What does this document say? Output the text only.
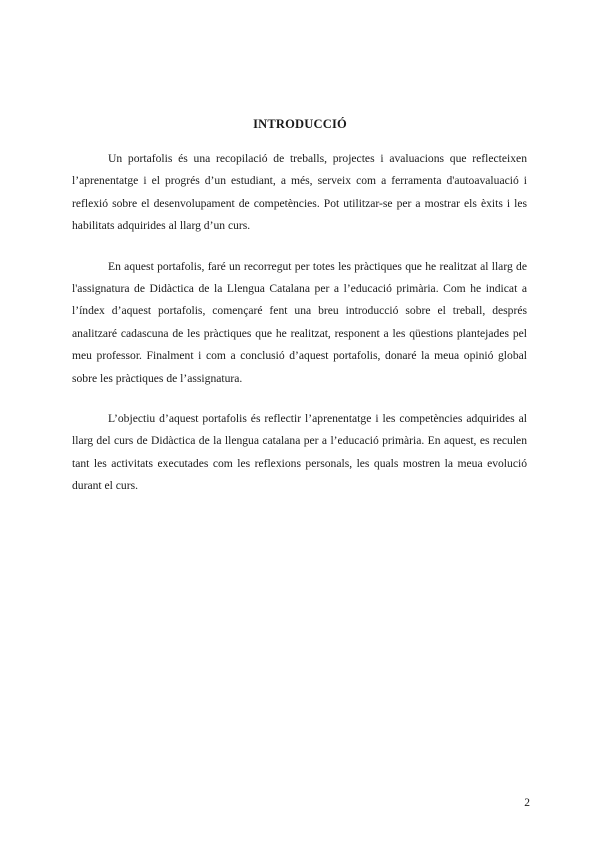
INTRODUCCIÓ

Un portafolis és una recopilació de treballs, projectes i avaluacions que reflecteixen l’aprenentatge i el progrés d’un estudiant, a més, serveix com a ferramenta d'autoavaluació i reflexió sobre el desenvolupament de competències. Pot utilitzar-se per a mostrar els èxits i les habilitats adquirides al llarg d’un curs.

En aquest portafolis, faré un recorregut per totes les pràctiques que he realitzat al llarg de l'assignatura de Didàctica de la Llengua Catalana per a l’educació primària. Com he indicat a l’índex d’aquest portafolis, començaré fent una breu introducció sobre el treball, després analitzaré cadascuna de les pràctiques que he realitzat, responent a les qüestions plantejades pel meu professor. Finalment i com a conclusió d’aquest portafolis, donaré la meua opinió global sobre les pràctiques de l’assignatura.

L’objectiu d’aquest portafolis és reflectir l’aprenentatge i les competències adquirides al llarg del curs de Didàctica de la llengua catalana per a l’educació primària. En aquest, es reculen tant les activitats executades com les reflexions personals, les quals mostren la meua evolució durant el curs.

2
